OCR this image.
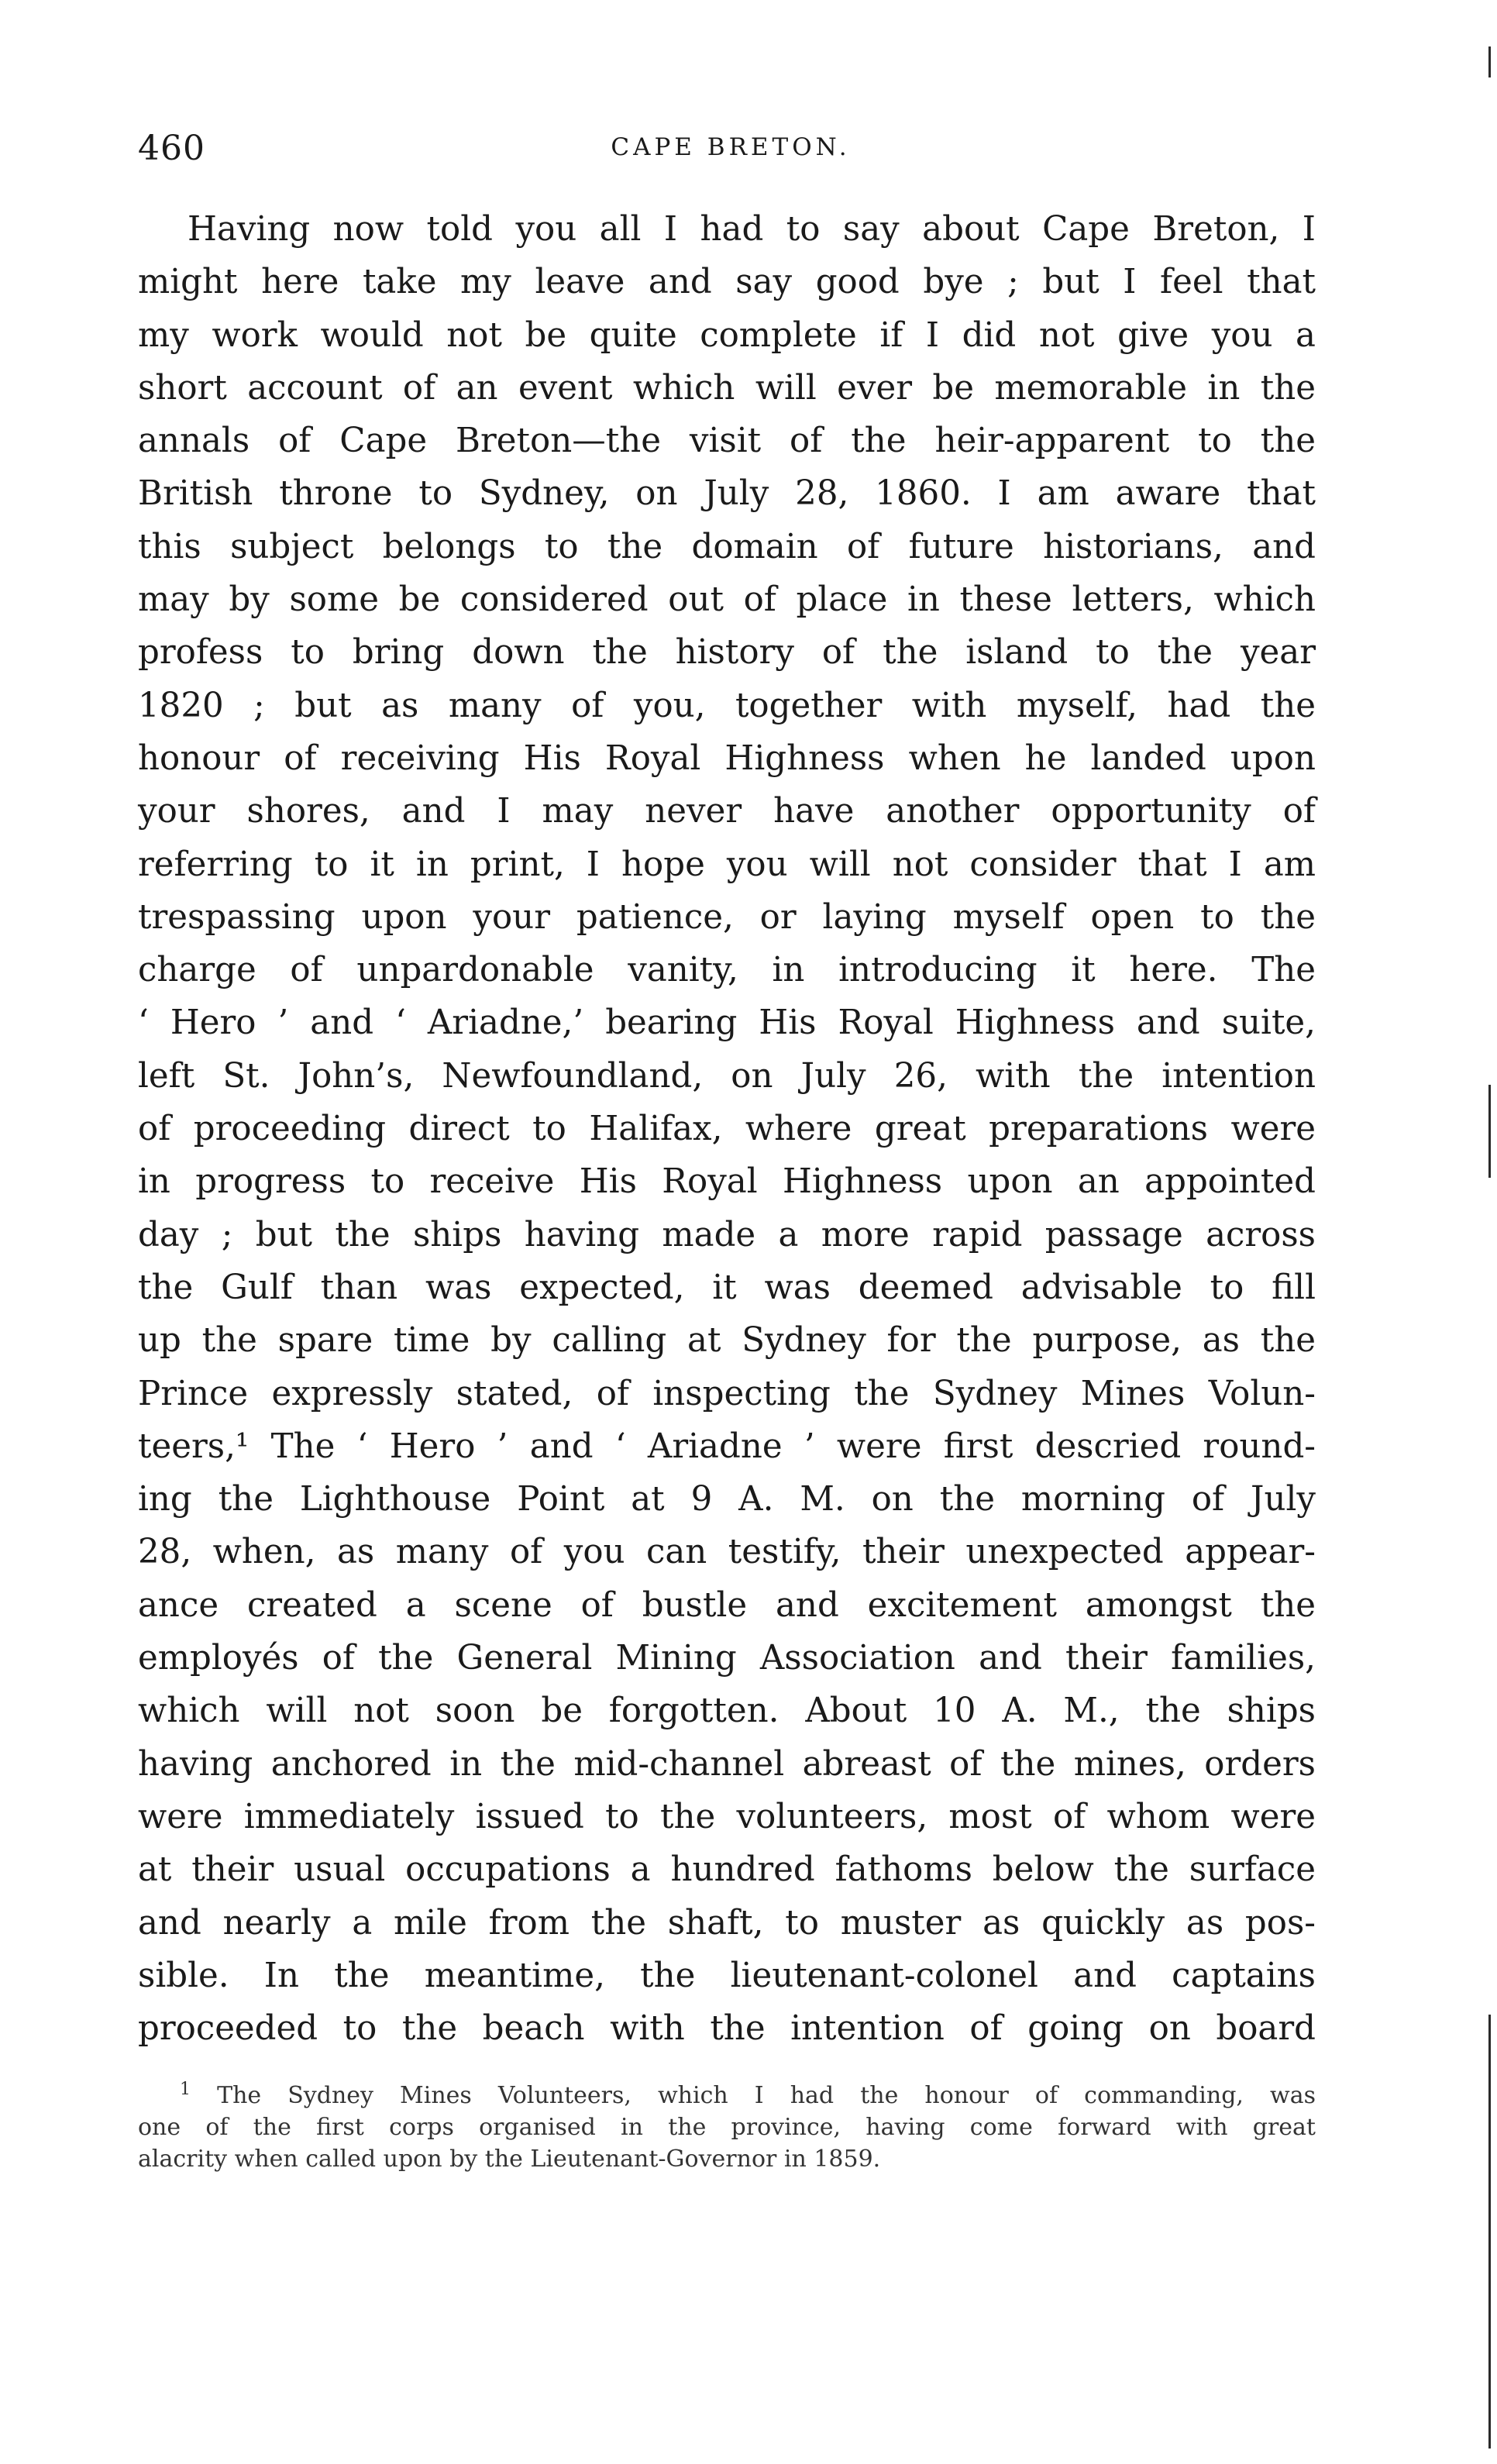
460	CAPE BRETON.
Having now told you all I had to say about Cape Breton, I
might here take my leave and say good bye ; but I feel that
my work would not be quite complete if I did not give you a
short account of an event which will ever be memorable in the
annals of Cape Breton—the visit of the heir-apparent to the
British throne to Sydney, on July 28, 1860. I am aware that
this subject belongs to the domain of future historians, and
may by some be considered out of place in these letters, which
profess to bring down the history of the island to the year
1820 ; but as many of you, together with myself, had the
honour of receiving His Royal Highness when he landed upon
your shores, and I may never have another opportunity of
referring to it in print, I hope you will not consider that I am
trespassing upon your patience, or laying myself open to the
charge of unpardonable vanity, in introducing it here. The
‘ Hero ’ and ‘ Ariadne,’ bearing His Royal Highness and suite,
left St. John’s, Newfoundland, on July 26, with the intention
of proceeding direct to Halifax, where great preparations were
in progress to receive His Royal Highness upon an appointed
day ; but the ships having made a more rapid passage across
the Gulf than was expected, it was deemed advisable to fill
up the spare time by calling at Sydney for the purpose, as the
Prince expressly stated, of inspecting the Sydney Mines Volun-
teers,¹ The ‘ Hero ’ and ‘ Ariadne ’ were first descried round-
ing the Lighthouse Point at 9 A. M. on the morning of July
28, when, as many of you can testify, their unexpected appear-
ance created a scene of bustle and excitement amongst the
employés of the General Mining Association and their families,
which will not soon be forgotten. About 10 A. M., the ships
having anchored in the mid-channel abreast of the mines, orders
were immediately issued to the volunteers, most of whom were
at their usual occupations a hundred fathoms below the surface
and nearly a mile from the shaft, to muster as quickly as pos-
sible. In the meantime, the lieutenant-colonel and captains
proceeded to the beach with the intention of going on board
$^1$ The Sydney Mines Volunteers, which I had the honour of commanding, was
one of the first corps organised in the province, having come forward with great
alacrity when called upon by the Lieutenant-Governor in 1859.
